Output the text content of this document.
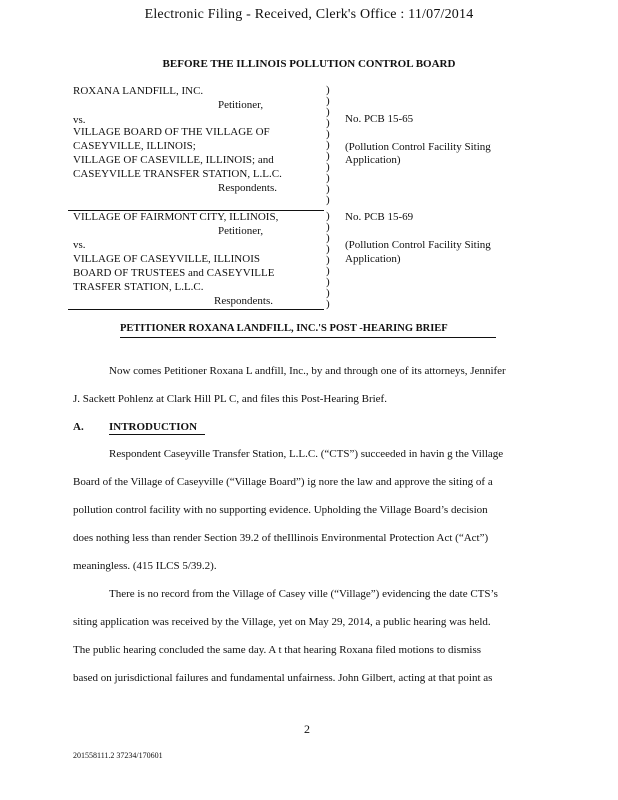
Electronic Filing - Received, Clerk's Office : 11/07/2014
BEFORE THE ILLINOIS POLLUTION CONTROL BOARD
ROXANA LANDFILL, INC.
Petitioner,
vs.
VILLAGE BOARD OF THE VILLAGE OF
CASEYVILLE, ILLINOIS;
VILLAGE OF CASEVILLE, ILLINOIS; and
CASEYVILLE TRANSFER STATION, L.L.C.
Respondents.
No. PCB 15-65
(Pollution Control Facility Siting
Application)
VILLAGE OF FAIRMONT CITY, ILLINOIS,
Petitioner,
vs.
VILLAGE OF CASEYVILLE, ILLINOIS
BOARD OF TRUSTEES and CASEYVILLE
TRASFER STATION, L.L.C.
Respondents.
No. PCB 15-69
(Pollution Control Facility Siting
Application)
)
)
)
)
)
)
)
)
)
)
)
)
)
)
)
)
)
)
)
)
PETITIONER ROXANA LANDFILL, INC.'S POST -HEARING BRIEF
Now comes Petitioner Roxana L andfill, Inc., by and through one of its attorneys, Jennifer
J. Sackett Pohlenz at Clark Hill PL C, and files this Post-Hearing Brief.
A. INTRODUCTION
Respondent Caseyville Transfer Station, L.L.C. (“CTS”) succeeded in havin g the Village
Board of the Village of Caseyville (“Village Board”) ig nore the law and approve the siting of a
pollution control facility with no supporting evidence. Upholding the Village Board’s decision
does nothing less than render Section 39.2 of theIllinois Environmental Protection Act (“Act”)
meaningless. (415 ILCS 5/39.2).
There is no record from the Village of Casey ville (“Village”) evidencing the date CTS’s
siting application was received by the Village, yet on May 29, 2014, a public hearing was held.
The public hearing concluded the same day. A t that hearing Roxana filed motions to dismiss
based on jurisdictional failures and fundamental unfairness. John Gilbert, acting at that point as
2
201558111.2 37234/170601
